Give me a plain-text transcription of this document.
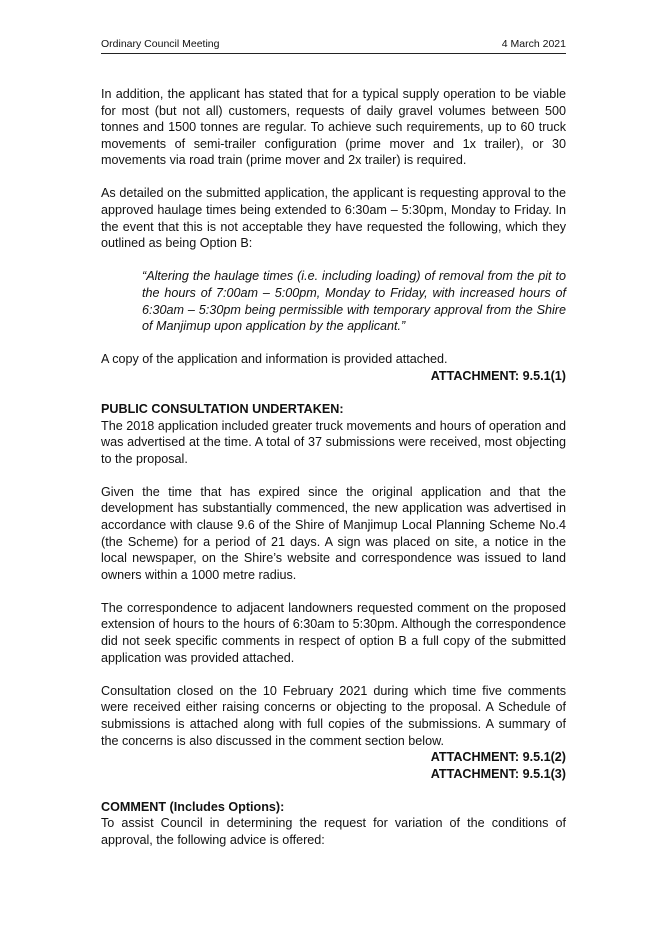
Ordinary Council Meeting	4 March 2021

In addition, the applicant has stated that for a typical supply operation to be viable for most (but not all) customers, requests of daily gravel volumes between 500 tonnes and 1500 tonnes are regular. To achieve such requirements, up to 60 truck movements of semi-trailer configuration (prime mover and 1x trailer), or 30 movements via road train (prime mover and 2x trailer) is required.

As detailed on the submitted application, the applicant is requesting approval to the approved haulage times being extended to 6:30am – 5:30pm, Monday to Friday. In the event that this is not acceptable they have requested the following, which they outlined as being Option B:

“Altering the haulage times (i.e. including loading) of removal from the pit to the hours of 7:00am – 5:00pm, Monday to Friday, with increased hours of 6:30am – 5:30pm being permissible with temporary approval from the Shire of Manjimup upon application by the applicant.”

A copy of the application and information is provided attached.

ATTACHMENT: 9.5.1(1)
PUBLIC CONSULTATION UNDERTAKEN:

The 2018 application included greater truck movements and hours of operation and was advertised at the time. A total of 37 submissions were received, most objecting to the proposal.

Given the time that has expired since the original application and that the development has substantially commenced, the new application was advertised in accordance with clause 9.6 of the Shire of Manjimup Local Planning Scheme No.4 (the Scheme) for a period of 21 days. A sign was placed on site, a notice in the local newspaper, on the Shire’s website and correspondence was issued to land owners within a 1000 metre radius.

The correspondence to adjacent landowners requested comment on the proposed extension of hours to the hours of 6:30am to 5:30pm. Although the correspondence did not seek specific comments in respect of option B a full copy of the submitted application was provided attached.

Consultation closed on the 10 February 2021 during which time five comments were received either raising concerns or objecting to the proposal. A Schedule of submissions is attached along with full copies of the submissions. A summary of the concerns is also discussed in the comment section below.

ATTACHMENT: 9.5.1(2)
ATTACHMENT: 9.5.1(3)
COMMENT (Includes Options):

To assist Council in determining the request for variation of the conditions of approval, the following advice is offered:
